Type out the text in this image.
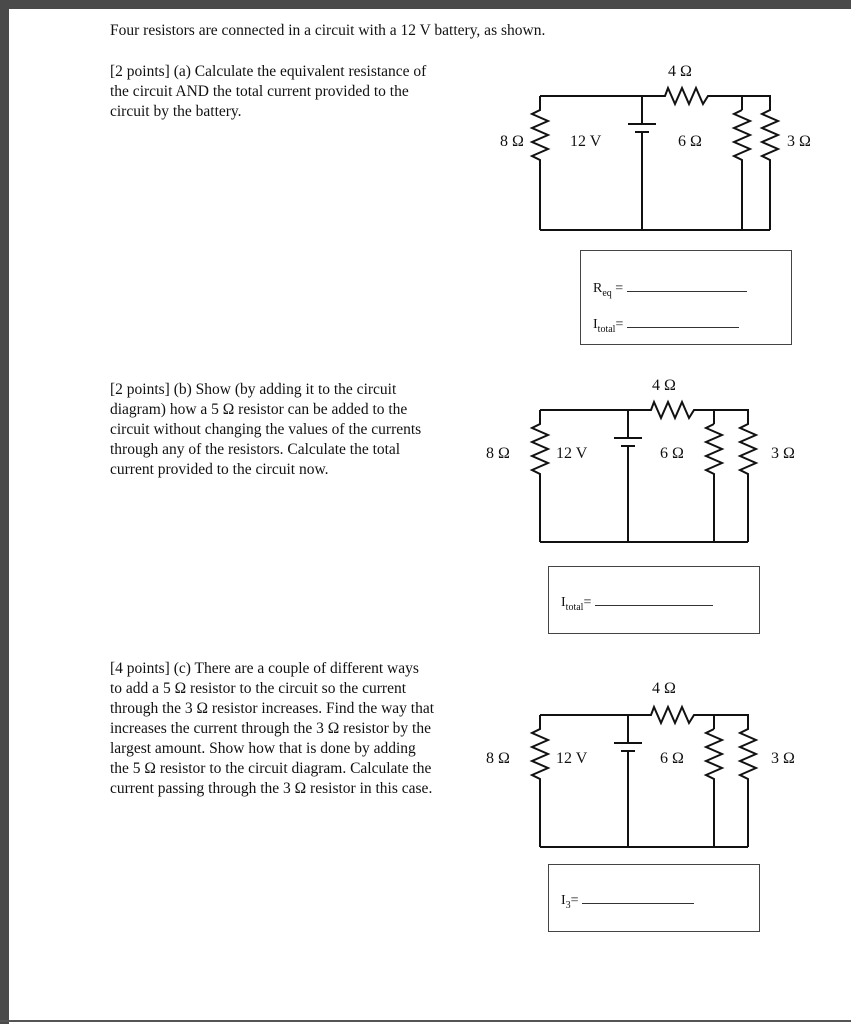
Four resistors are connected in a circuit with a 12 V battery, as shown.
[2 points] (a) Calculate the equivalent resistance of
the circuit AND the total current provided to the
circuit by the battery.
[2 points] (b) Show (by adding it to the circuit
diagram) how a 5 Ω resistor can be added to the
circuit without changing the values of the currents
through any of the resistors. Calculate the total
current provided to the circuit now.
[4 points] (c) There are a couple of different ways
to add a 5 Ω resistor to the circuit so the current
through the 3 Ω resistor increases. Find the way that
increases the current through the 3 Ω resistor by the
largest amount. Show how that is done by adding
the 5 Ω resistor to the circuit diagram. Calculate the
current passing through the 3 Ω resistor in this case.
8 Ω	12 V
4 Ω
6 Ω	3 Ω
8 Ω	12 V
4 Ω
6 Ω	3 Ω
8 Ω	12 V
4 Ω
6 Ω	3 Ω
$R_{eq}$ =
$I_{total}=$
$I_{total}=$
$I_3=$
